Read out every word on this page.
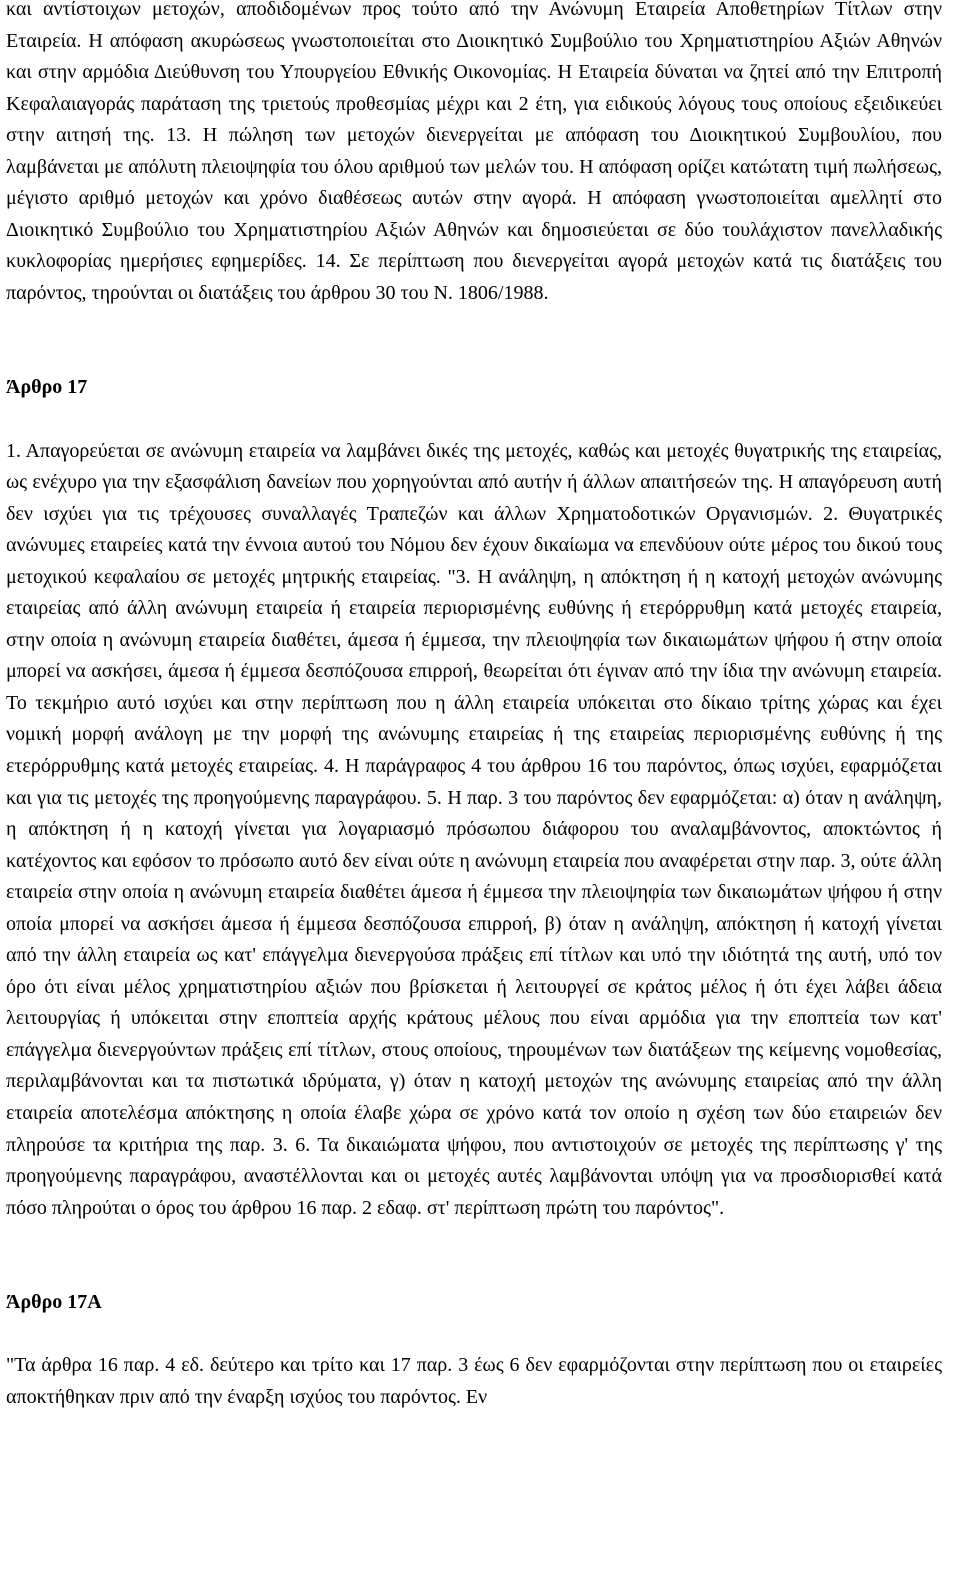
και αντίστοιχων μετοχών, αποδιδομένων προς τούτο από την Ανώνυμη Εταιρεία Αποθετηρίων Τίτλων στην Εταιρεία. Η απόφαση ακυρώσεως γνωστοποιείται στο Διοικητικό Συμβούλιο του Χρηματιστηρίου Αξιών Αθηνών και στην αρμόδια Διεύθυνση του Υπουργείου Εθνικής Οικονομίας. Η Εταιρεία δύναται να ζητεί από την Επιτροπή Κεφαλαιαγοράς παράταση της τριετούς προθεσμίας μέχρι και 2 έτη, για ειδικούς λόγους τους οποίους εξειδικεύει στην αιτησή της. 13. Η πώληση των μετοχών διενεργείται με απόφαση του Διοικητικού Συμβουλίου, που λαμβάνεται με απόλυτη πλειοψηφία του όλου αριθμού των μελών του. Η απόφαση ορίζει κατώτατη τιμή πωλήσεως, μέγιστο αριθμό μετοχών και χρόνο διαθέσεως αυτών στην αγορά. Η απόφαση γνωστοποιείται αμελλητί στο Διοικητικό Συμβούλιο του Χρηματιστηρίου Αξιών Αθηνών και δημοσιεύεται σε δύο τουλάχιστον πανελλαδικής κυκλοφορίας ημερήσιες εφημερίδες. 14. Σε περίπτωση που διενεργείται αγορά μετοχών κατά τις διατάξεις του παρόντος, τηρούνται οι διατάξεις του άρθρου 30 του Ν. 1806/1988.

Άρθρο 17

1. Απαγορεύεται σε ανώνυμη εταιρεία να λαμβάνει δικές της μετοχές, καθώς και μετοχές θυγατρικής της εταιρείας, ως ενέχυρο για την εξασφάλιση δανείων που χορηγούνται από αυτήν ή άλλων απαιτήσεών της. Η απαγόρευση αυτή δεν ισχύει για τις τρέχουσες συναλλαγές Τραπεζών και άλλων Χρηματοδοτικών Οργανισμών. 2. Θυγατρικές ανώνυμες εταιρείες κατά την έννοια αυτού του Νόμου δεν έχουν δικαίωμα να επενδύουν ούτε μέρος του δικού τους μετοχικού κεφαλαίου σε μετοχές μητρικής εταιρείας. "3. Η ανάληψη, η απόκτηση ή η κατοχή μετοχών ανώνυμης εταιρείας από άλλη ανώνυμη εταιρεία ή εταιρεία περιορισμένης ευθύνης ή ετερόρρυθμη κατά μετοχές εταιρεία, στην οποία η ανώνυμη εταιρεία διαθέτει, άμεσα ή έμμεσα, την πλειοψηφία των δικαιωμάτων ψήφου ή στην οποία μπορεί να ασκήσει, άμεσα ή έμμεσα δεσπόζουσα επιρροή, θεωρείται ότι έγιναν από την ίδια την ανώνυμη εταιρεία. Το τεκμήριο αυτό ισχύει και στην περίπτωση που η άλλη εταιρεία υπόκειται στο δίκαιο τρίτης χώρας και έχει νομική μορφή ανάλογη με την μορφή της ανώνυμης εταιρείας ή της εταιρείας περιορισμένης ευθύνης ή της ετερόρρυθμης κατά μετοχές εταιρείας. 4. Η παράγραφος 4 του άρθρου 16 του παρόντος, όπως ισχύει, εφαρμόζεται και για τις μετοχές της προηγούμενης παραγράφου. 5. Η παρ. 3 του παρόντος δεν εφαρμόζεται: α) όταν η ανάληψη, η απόκτηση ή η κατοχή γίνεται για λογαριασμό πρόσωπου διάφορου του αναλαμβάνοντος, αποκτώντος ή κατέχοντος και εφόσον το πρόσωπο αυτό δεν είναι ούτε η ανώνυμη εταιρεία που αναφέρεται στην παρ. 3, ούτε άλλη εταιρεία στην οποία η ανώνυμη εταιρεία διαθέτει άμεσα ή έμμεσα την πλειοψηφία των δικαιωμάτων ψήφου ή στην οποία μπορεί να ασκήσει άμεσα ή έμμεσα δεσπόζουσα επιρροή, β) όταν η ανάληψη, απόκτηση ή κατοχή γίνεται από την άλλη εταιρεία ως κατ' επάγγελμα διενεργούσα πράξεις επί τίτλων και υπό την ιδιότητά της αυτή, υπό τον όρο ότι είναι μέλος χρηματιστηρίου αξιών που βρίσκεται ή λειτουργεί σε κράτος μέλος ή ότι έχει λάβει άδεια λειτουργίας ή υπόκειται στην εποπτεία αρχής κράτους μέλους που είναι αρμόδια για την εποπτεία των κατ' επάγγελμα διενεργούντων πράξεις επί τίτλων, στους οποίους, τηρουμένων των διατάξεων της κείμενης νομοθεσίας, περιλαμβάνονται και τα πιστωτικά ιδρύματα, γ) όταν η κατοχή μετοχών της ανώνυμης εταιρείας από την άλλη εταιρεία αποτελέσμα απόκτησης η οποία έλαβε χώρα σε χρόνο κατά τον οποίο η σχέση των δύο εταιρειών δεν πληρούσε τα κριτήρια της παρ. 3. 6. Τα δικαιώματα ψήφου, που αντιστοιχούν σε μετοχές της περίπτωσης γ' της προηγούμενης παραγράφου, αναστέλλονται και οι μετοχές αυτές λαμβάνονται υπόψη για να προσδιορισθεί κατά πόσο πληρούται ο όρος του άρθρου 16 παρ. 2 εδαφ. στ' περίπτωση πρώτη του παρόντος".

Άρθρο 17Α

"Τα άρθρα 16 παρ. 4 εδ. δεύτερο και τρίτο και 17 παρ. 3 έως 6 δεν εφαρμόζονται στην περίπτωση που οι εταιρείες αποκτήθηκαν πριν από την έναρξη ισχύος του παρόντος. Εν
